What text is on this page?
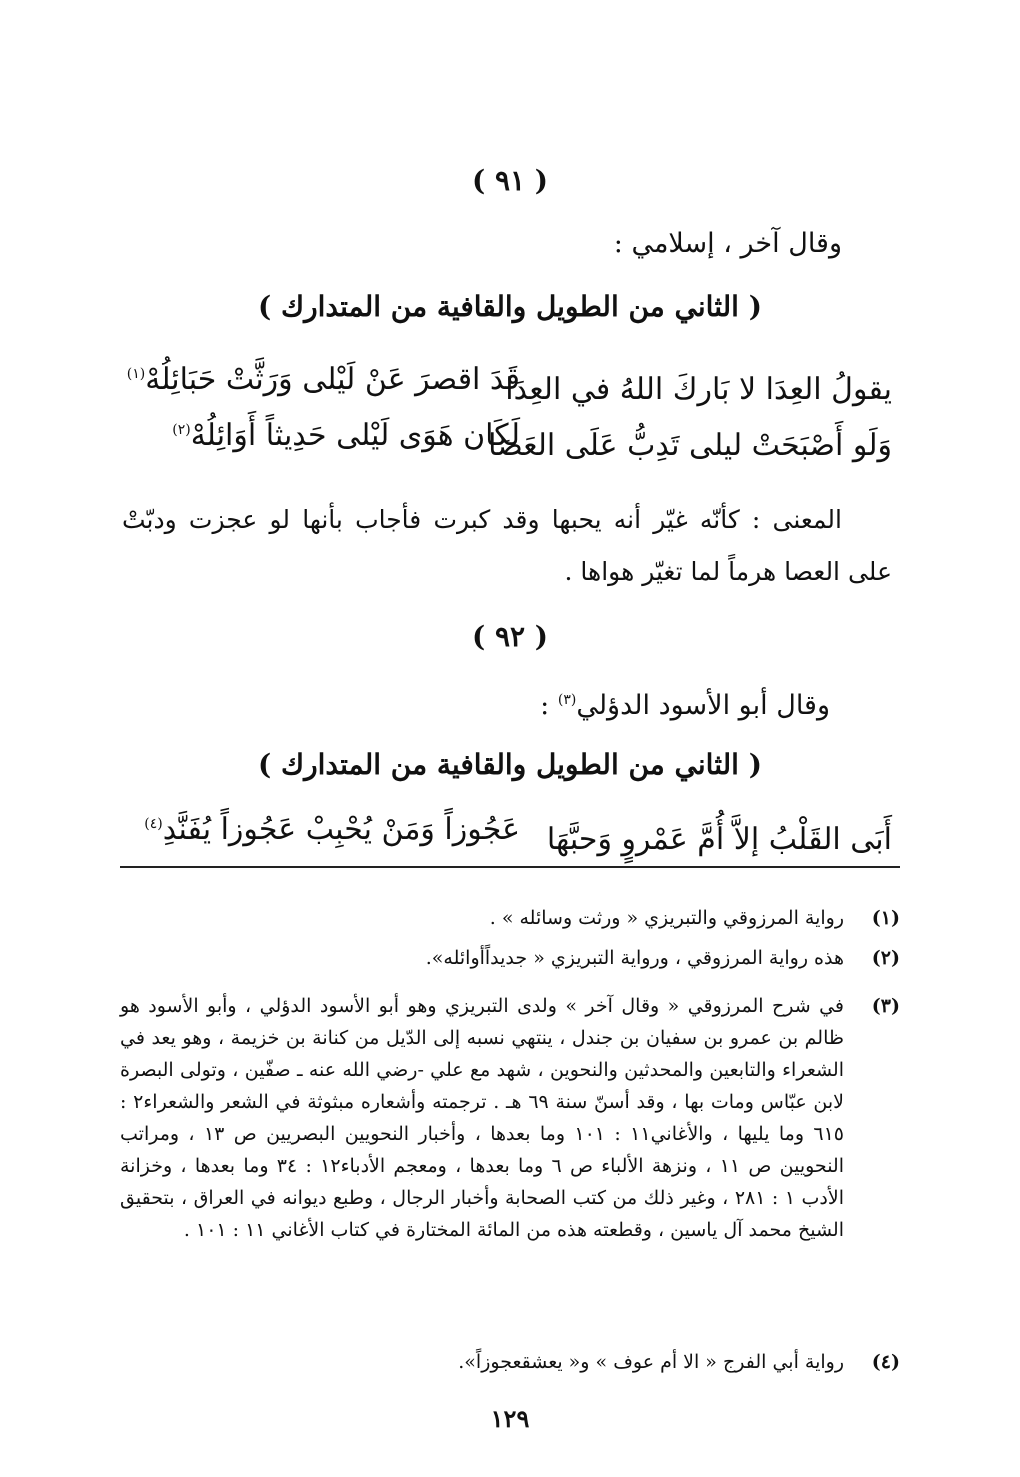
( ٩١ )
وقال آخر ، إسلامي :
( الثاني من الطويل والقافية من المتدارك )
يقولُ العِدَا لا بَاركَ اللهُ في العِدَا
قَدَ اقصرَ عَنْ لَيْلى وَرَثَّتْ حَبَائِلُهْ$^{(١)}$
وَلَو أَصْبَحَتْ ليلى تَدِبُّ عَلَى العَصَا
لَكَان هَوَى لَيْلى حَدِيثاً أَوَائِلُهْ$^{(٢)}$
المعنى : كأنّه غيّر أنه يحبها وقد كبرت فأجاب بأنها لو عجزت ودبّتْ على العصا هرماً لما تغيّر هواها .
( ٩٢ )
وقال أبو الأسود الدؤلي$^{(٣)}$ :
( الثاني من الطويل والقافية من المتدارك )
أَبَى القَلْبُ إلاَّ أُمَّ عَمْروٍ وَحبَّهَا
عَجُوزاً وَمَنْ يُحْبِبْ عَجُوزاً يُفَنَّدِ$^{(٤)}$
(١)
رواية المرزوقي والتبريزي « ورثت وسائله » .
(٢)
هذه رواية المرزوقي ، ورواية التبريزي « جديداًأوائله».
(٣)
في شرح المرزوقي « وقال آخر » ولدى التبريزي وهو أبو الأسود الدؤلي ، وأبو الأسود هو ظالم بن عمرو بن سفيان بن جندل ، ينتهي نسبه إلى الدّيل من كنانة بن خزيمة ، وهو يعد في الشعراء والتابعين والمحدثين والنحوين ، شهد مع علي -رضي الله عنه ـ صفّين ، وتولى البصرة لابن عبّاس ومات بها ، وقد أسنّ سنة ٦٩ هـ . ترجمته وأشعاره مبثوثة في الشعر والشعراء٢ : ٦١٥ وما يليها ، والأغاني١١ : ١٠١ وما بعدها ، وأخبار النحويين البصريين ص ١٣ ، ومراتب النحويين ص ١١ ، ونزهة الألباء ص ٦ وما بعدها ، ومعجم الأدباء١٢ : ٣٤ وما بعدها ، وخزانة الأدب ١ : ٢٨١ ، وغير ذلك من كتب الصحابة وأخبار الرجال ، وطبع ديوانه في العراق ، بتحقيق الشيخ محمد آل ياسين ، وقطعته هذه من المائة المختارة في كتاب الأغاني ١١ : ١٠١ .
(٤)
رواية أبي الفرج « الا أم عوف » و« يعشقعجوزاً».
١٢٩
